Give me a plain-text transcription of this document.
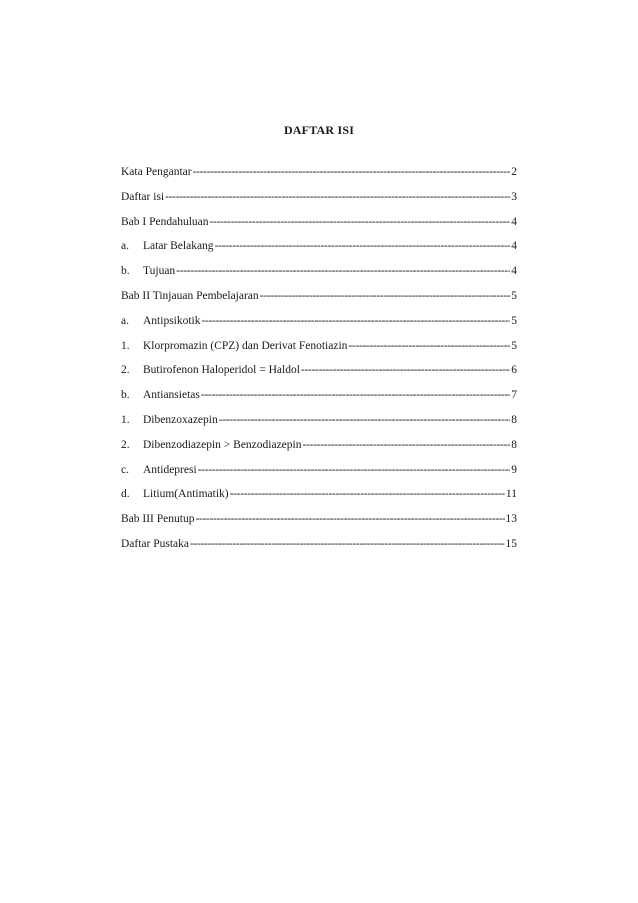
DAFTAR ISI
Kata Pengantar -----	2
Daftar isi -----	3
Bab I Pendahuluan -----	4
a.	Latar Belakang -----	4
b.	Tujuan -----	4
Bab II Tinjauan Pembelajaran -----	5
a.	Antipsikotik -----	5
1.	Klorpromazin (CPZ) dan Derivat Fenotiazin -----	5
2.	Butirofenon Haloperidol = Haldol -----	6
b.	Antiansietas -----	7
1.	Dibenzoxazepin -----	8
2.	Dibenzodiazepin > Benzodiazepin -----	8
c.	Antidepresi -----	9
d.	Litium(Antimatik) -----	11
Bab III Penutup -----	13
Daftar Pustaka -----	15
